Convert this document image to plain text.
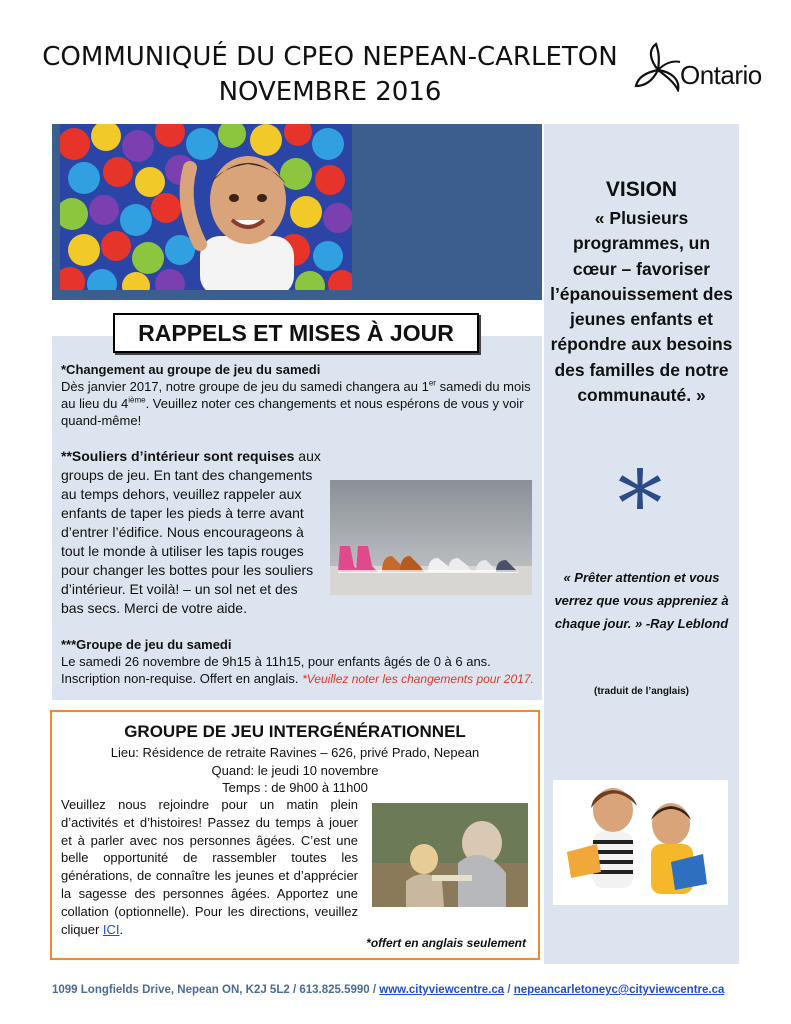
COMMUNIQUÉ DU CPEO NEPEAN-CARLETON
NOVEMBRE 2016
Ontario
RAPPELS ET MISES À JOUR
*Changement au groupe de jeu du samedi
Dès janvier 2017, notre groupe de jeu du samedi changera au 1er samedi du mois au lieu du 4ième. Veuillez noter ces changements et nous espérons de vous y voir quand-même!
**Souliers d’intérieur sont requises aux groups de jeu. En tant des changements au temps dehors, veuillez rappeler aux enfants de taper les pieds à terre avant d’entrer l’édifice. Nous encourageons à tout le monde à utiliser les tapis rouges pour changer les bottes pour les souliers d’intérieur. Et voilà! – un sol net et des bas secs. Merci de votre aide.
***Groupe de jeu du samedi
Le samedi 26 novembre de 9h15 à 11h15, pour enfants âgés de 0 à 6 ans.
Inscription non-requise. Offert en anglais. *Veuillez noter les changements pour 2017.
VISION
« Plusieurs programmes, un cœur – favoriser l’épanouissement des jeunes enfants et répondre aux besoins des familles de notre communauté. »
*
« Prêter attention et vous verrez que vous appreniez à chaque jour. » -Ray Leblond
(traduit de l’anglais)
GROUPE DE JEU INTERGÉNÉRATIONNEL
Lieu: Résidence de retraite Ravines – 626, privé Prado, Nepean
Quand: le jeudi 10 novembre
Temps : de 9h00 à 11h00
Veuillez nous rejoindre pour un matin plein d’activités et d’histoires! Passez du temps à jouer et à parler avec nos personnes âgées. C’est une belle opportunité de rassembler toutes les générations, de connaître les jeunes et d’apprécier la sagesse des personnes âgées. Apportez une collation (optionnelle). Pour les directions, veuillez cliquer ICI.
*offert en anglais seulement
1099 Longfields Drive, Nepean ON, K2J 5L2 / 613.825.5990 / www.cityviewcentre.ca / nepeancarletoneyc@cityviewcentre.ca
